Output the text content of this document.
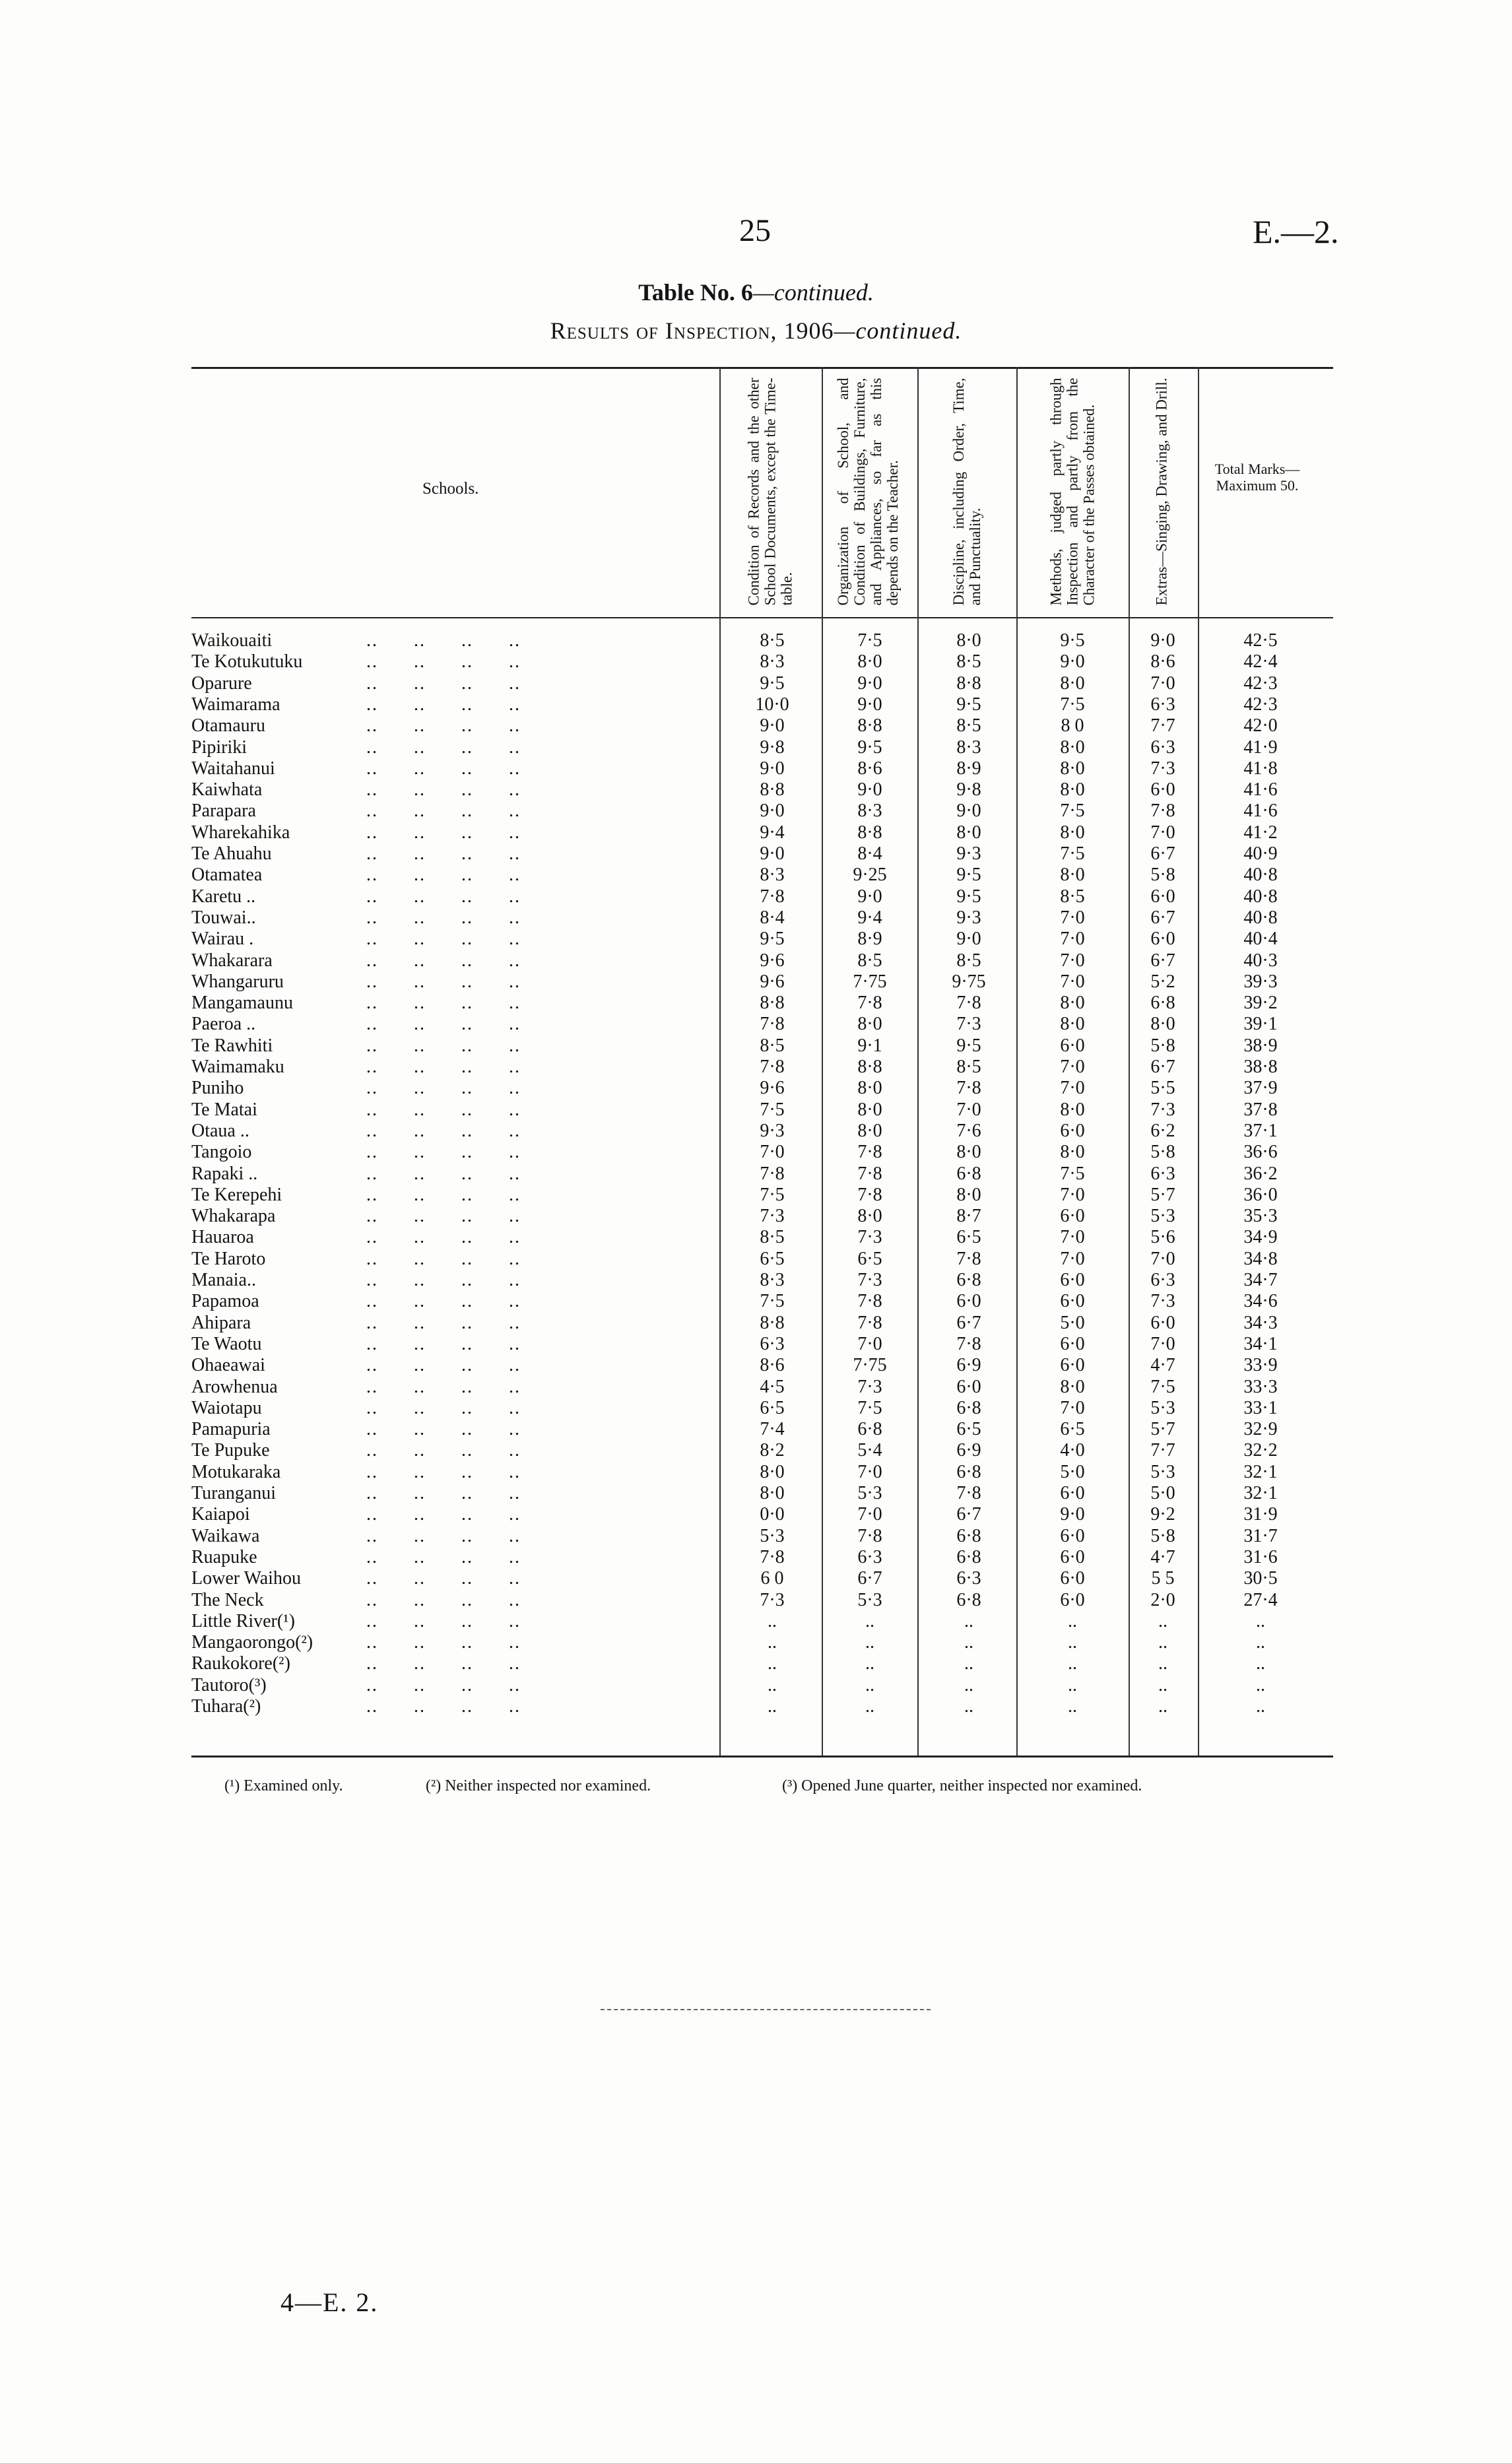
25	E.—2.
Table No. 6—continued.
Results of Inspection, 1906—continued.
Schools.	Condition of Records and the other School Documents, except the Time-table.	Organization of School, and Condition of Buildings, Furniture, and Appliances, so far as this depends on the Teacher.	Discipline, including Order, Time, and Punctuality.	Methods, judged partly through Inspection and partly from the Character of the Passes obtained.	Extras—Singing, Drawing, and Drill.	Total Marks—Maximum 50.
Waikouaiti	..      ..      ..      ..	8·5	7·5	8·0	9·5	9·0	42·5
Te Kotukutuku	..      ..      ..      ..	8·3	8·0	8·5	9·0	8·6	42·4
Oparure	..      ..      ..      ..	9·5	9·0	8·8	8·0	7·0	42·3
Waimarama	..      ..      ..      ..	10·0	9·0	9·5	7·5	6·3	42·3
Otamauru	..      ..      ..      ..	9·0	8·8	8·5	8 0	7·7	42·0
Pipiriki	..      ..      ..      ..	9·8	9·5	8·3	8·0	6·3	41·9
Waitahanui	..      ..      ..      ..	9·0	8·6	8·9	8·0	7·3	41·8
Kaiwhata	..      ..      ..      ..	8·8	9·0	9·8	8·0	6·0	41·6
Parapara	..      ..      ..      ..	9·0	8·3	9·0	7·5	7·8	41·6
Wharekahika	..      ..      ..      ..	9·4	8·8	8·0	8·0	7·0	41·2
Te Ahuahu	..      ..      ..      ..	9·0	8·4	9·3	7·5	6·7	40·9
Otamatea	..      ..      ..      ..	8·3	9·25	9·5	8·0	5·8	40·8
Karetu ..	..      ..      ..      ..	7·8	9·0	9·5	8·5	6·0	40·8
Touwai..	..      ..      ..      ..	8·4	9·4	9·3	7·0	6·7	40·8
Wairau .	..      ..      ..      ..	9·5	8·9	9·0	7·0	6·0	40·4
Whakarara	..      ..      ..      ..	9·6	8·5	8·5	7·0	6·7	40·3
Whangaruru	..      ..      ..      ..	9·6	7·75	9·75	7·0	5·2	39·3
Mangamaunu	..      ..      ..      ..	8·8	7·8	7·8	8·0	6·8	39·2
Paeroa ..	..      ..      ..      ..	7·8	8·0	7·3	8·0	8·0	39·1
Te Rawhiti	..      ..      ..      ..	8·5	9·1	9·5	6·0	5·8	38·9
Waimamaku	..      ..      ..      ..	7·8	8·8	8·5	7·0	6·7	38·8
Puniho	..      ..      ..      ..	9·6	8·0	7·8	7·0	5·5	37·9
Te Matai	..      ..      ..      ..	7·5	8·0	7·0	8·0	7·3	37·8
Otaua ..	..      ..      ..      ..	9·3	8·0	7·6	6·0	6·2	37·1
Tangoio	..      ..      ..      ..	7·0	7·8	8·0	8·0	5·8	36·6
Rapaki ..	..      ..      ..      ..	7·8	7·8	6·8	7·5	6·3	36·2
Te Kerepehi	..      ..      ..      ..	7·5	7·8	8·0	7·0	5·7	36·0
Whakarapa	..      ..      ..      ..	7·3	8·0	8·7	6·0	5·3	35·3
Hauaroa	..      ..      ..      ..	8·5	7·3	6·5	7·0	5·6	34·9
Te Haroto	..      ..      ..      ..	6·5	6·5	7·8	7·0	7·0	34·8
Manaia..	..      ..      ..      ..	8·3	7·3	6·8	6·0	6·3	34·7
Papamoa	..      ..      ..      ..	7·5	7·8	6·0	6·0	7·3	34·6
Ahipara	..      ..      ..      ..	8·8	7·8	6·7	5·0	6·0	34·3
Te Waotu	..      ..      ..      ..	6·3	7·0	7·8	6·0	7·0	34·1
Ohaeawai	..      ..      ..      ..	8·6	7·75	6·9	6·0	4·7	33·9
Arowhenua	..      ..      ..      ..	4·5	7·3	6·0	8·0	7·5	33·3
Waiotapu	..      ..      ..      ..	6·5	7·5	6·8	7·0	5·3	33·1
Pamapuria	..      ..      ..      ..	7·4	6·8	6·5	6·5	5·7	32·9
Te Pupuke	..      ..      ..      ..	8·2	5·4	6·9	4·0	7·7	32·2
Motukaraka	..      ..      ..      ..	8·0	7·0	6·8	5·0	5·3	32·1
Turanganui	..      ..      ..      ..	8·0	5·3	7·8	6·0	5·0	32·1
Kaiapoi	..      ..      ..      ..	0·0	7·0	6·7	9·0	9·2	31·9
Waikawa	..      ..      ..      ..	5·3	7·8	6·8	6·0	5·8	31·7
Ruapuke	..      ..      ..      ..	7·8	6·3	6·8	6·0	4·7	31·6
Lower Waihou	..      ..      ..      ..	6 0	6·7	6·3	6·0	5 5	30·5
The Neck	..      ..      ..      ..	7·3	5·3	6·8	6·0	2·0	27·4
Little River(¹)	..      ..      ..      ..	..	..	..	..	..	..
Mangaorongo(²)	..      ..      ..      ..	..	..	..	..	..	..
Raukokore(²)	..      ..      ..      ..	..	..	..	..	..	..
Tautoro(³)	..      ..      ..      ..	..	..	..	..	..	..
Tuhara(²)	..      ..      ..      ..	..	..	..	..	..	..
(¹) Examined only.	(²) Neither inspected nor examined.	(³) Opened June quarter, neither inspected nor examined.
4—E. 2.
